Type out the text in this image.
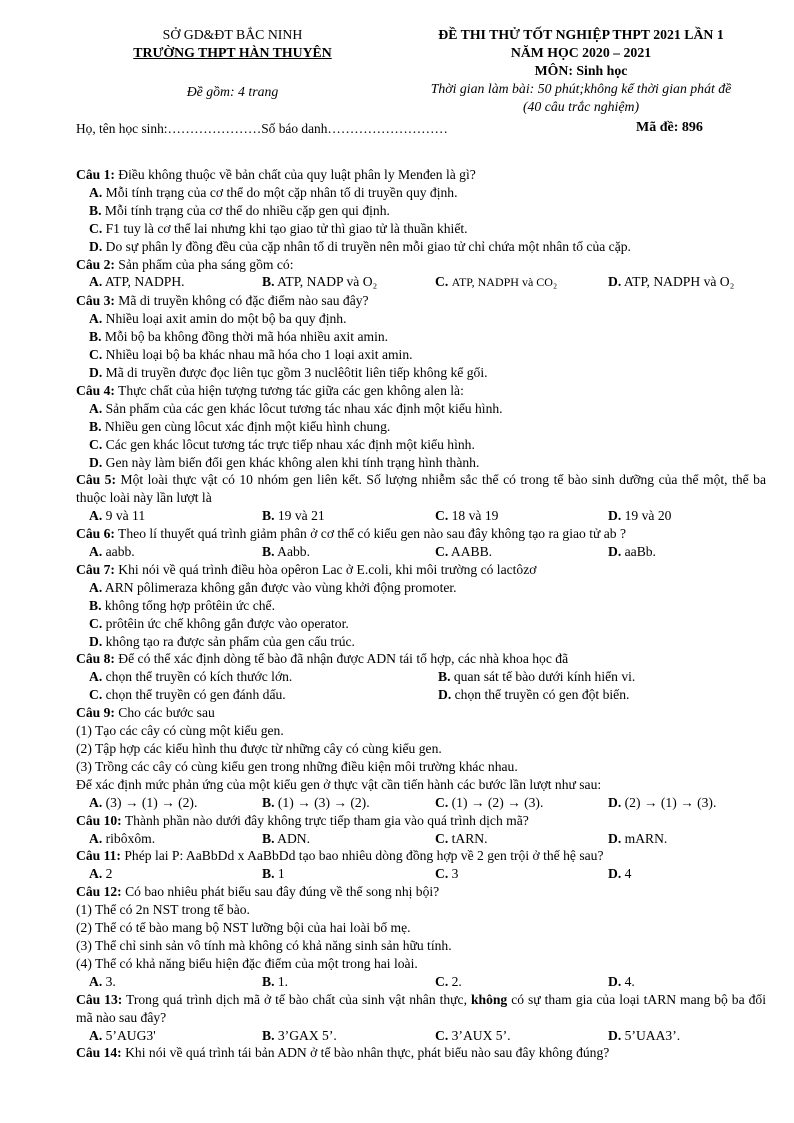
SỞ GD&ĐT BẮC NINH
TRƯỜNG THPT HÀN THUYÊN
Đề gồm: 4 trang
ĐỀ THI THỬ TỐT NGHIỆP THPT 2021 LẦN 1
NĂM HỌC 2020 – 2021
MÔN: Sinh học
Thời gian làm bài: 50 phút;không kể thời gian phát đề
(40 câu trắc nghiệm)
Họ, tên học sinh:…………………Số báo danh………………………	Mã đề: 896

Câu 1: Điều không thuộc về bản chất của quy luật phân ly Menđen là gì?

A. Mỗi tính trạng của cơ thể do một cặp nhân tố di truyền quy định.

B. Mỗi tính trạng của cơ thể do nhiều cặp gen qui định.

C. F1 tuy là cơ thể lai nhưng khi tạo giao tử thì giao tử là thuần khiết.

D. Do sự phân ly đồng đều của cặp nhân tố di truyền nên mỗi giao tử chỉ chứa một nhân tố của cặp.

Câu 2: Sản phẩm của pha sáng gồm có:

A. ATP, NADPH.	B. ATP, NADP và O₂	C. ATP, NADPH và CO₂	D. ATP, NADPH và O₂

Câu 3: Mã di truyền không có đặc điểm nào sau đây?

A. Nhiều loại axit amin do một bộ ba quy định.

B. Mỗi bộ ba không đồng thời mã hóa nhiều axit amin.

C. Nhiều loại bộ ba khác nhau mã hóa cho 1 loại axit amin.

D. Mã di truyền được đọc liên tục gồm 3 nuclêôtit liên tiếp không kể gối.

Câu 4: Thực chất của hiện tượng tương tác giữa các gen không alen là:

A. Sản phẩm của các gen khác lôcut tương tác nhau xác định một kiểu hình.

B. Nhiều gen cùng lôcut xác định một kiểu hình chung.

C. Các gen khác lôcut tương tác trực tiếp nhau xác định một kiểu hình.

D. Gen này làm biến đổi gen khác không alen khi tính trạng hình thành.

Câu 5: Một loài thực vật có 10 nhóm gen liên kết. Số lượng nhiễm sắc thể có trong tế bào sinh dưỡng của thể một, thể ba thuộc loài này lần lượt là

A. 9 và 11	B. 19 và 21	C. 18 và 19	D. 19 và 20

Câu 6: Theo lí thuyết quá trình giảm phân ở cơ thể có kiểu gen nào sau đây không tạo ra giao tử ab ?

A. aabb.	B. Aabb.	C. AABB.	D. aaBb.

Câu 7: Khi nói về quá trình điều hòa opêron Lac ở E.coli, khi môi trường có lactôzơ

A. ARN pôlimeraza không gắn được vào vùng khởi động promoter.

B. không tổng hợp prôtêin ức chế.

C. prôtêin ức chế không gắn được vào operator.

D. không tạo ra được sản phẩm của gen cấu trúc.

Câu 8: Để có thể xác định dòng tế bào đã nhận được ADN tái tổ hợp, các nhà khoa học đã

A. chọn thể truyền có kích thước lớn.	B. quan sát tế bào dưới kính hiển vi.
C. chọn thể truyền có gen đánh dấu.	D. chọn thể truyền có gen đột biến.

Câu 9: Cho các bước sau

(1) Tạo các cây có cùng một kiểu gen.

(2) Tập hợp các kiểu hình thu được từ những cây có cùng kiểu gen.

(3) Trồng các cây có cùng kiểu gen trong những điều kiện môi trường khác nhau.

Để xác định mức phản ứng của một kiểu gen ở thực vật cần tiến hành các bước lần lượt như sau:

A. (3) → (1) → (2).	B. (1) → (3) → (2).	C. (1) → (2) → (3).	D. (2) → (1) → (3).

Câu 10: Thành phần nào dưới đây không trực tiếp tham gia vào quá trình dịch mã?

A. ribôxôm.	B. ADN.	C. tARN.	D. mARN.

Câu 11: Phép lai P: AaBbDd x AaBbDd tạo bao nhiêu dòng đồng hợp về 2 gen trội ở thế hệ sau?

A. 2	B. 1	C. 3	D. 4

Câu 12: Có bao nhiêu phát biểu sau đây đúng về thể song nhị bội?

(1) Thể có 2n NST trong tế bào.

(2) Thể có tế bào mang bộ NST lưỡng bội của hai loài bố mẹ.

(3) Thể chỉ sinh sản vô tính mà không có khả năng sinh sản hữu tính.

(4) Thể có khả năng biểu hiện đặc điểm của một trong hai loài.

A. 3.	B. 1.	C. 2.	D. 4.

Câu 13: Trong quá trình dịch mã ở tế bào chất của sinh vật nhân thực, không có sự tham gia của loại tARN mang bộ ba đối mã nào sau đây?

A. 5’AUG3'	B. 3’GAX 5’.	C. 3’AUX 5’.	D. 5’UAA3’.

Câu 14: Khi nói về quá trình tái bản ADN ở tế bào nhân thực, phát biểu nào sau đây không đúng?
